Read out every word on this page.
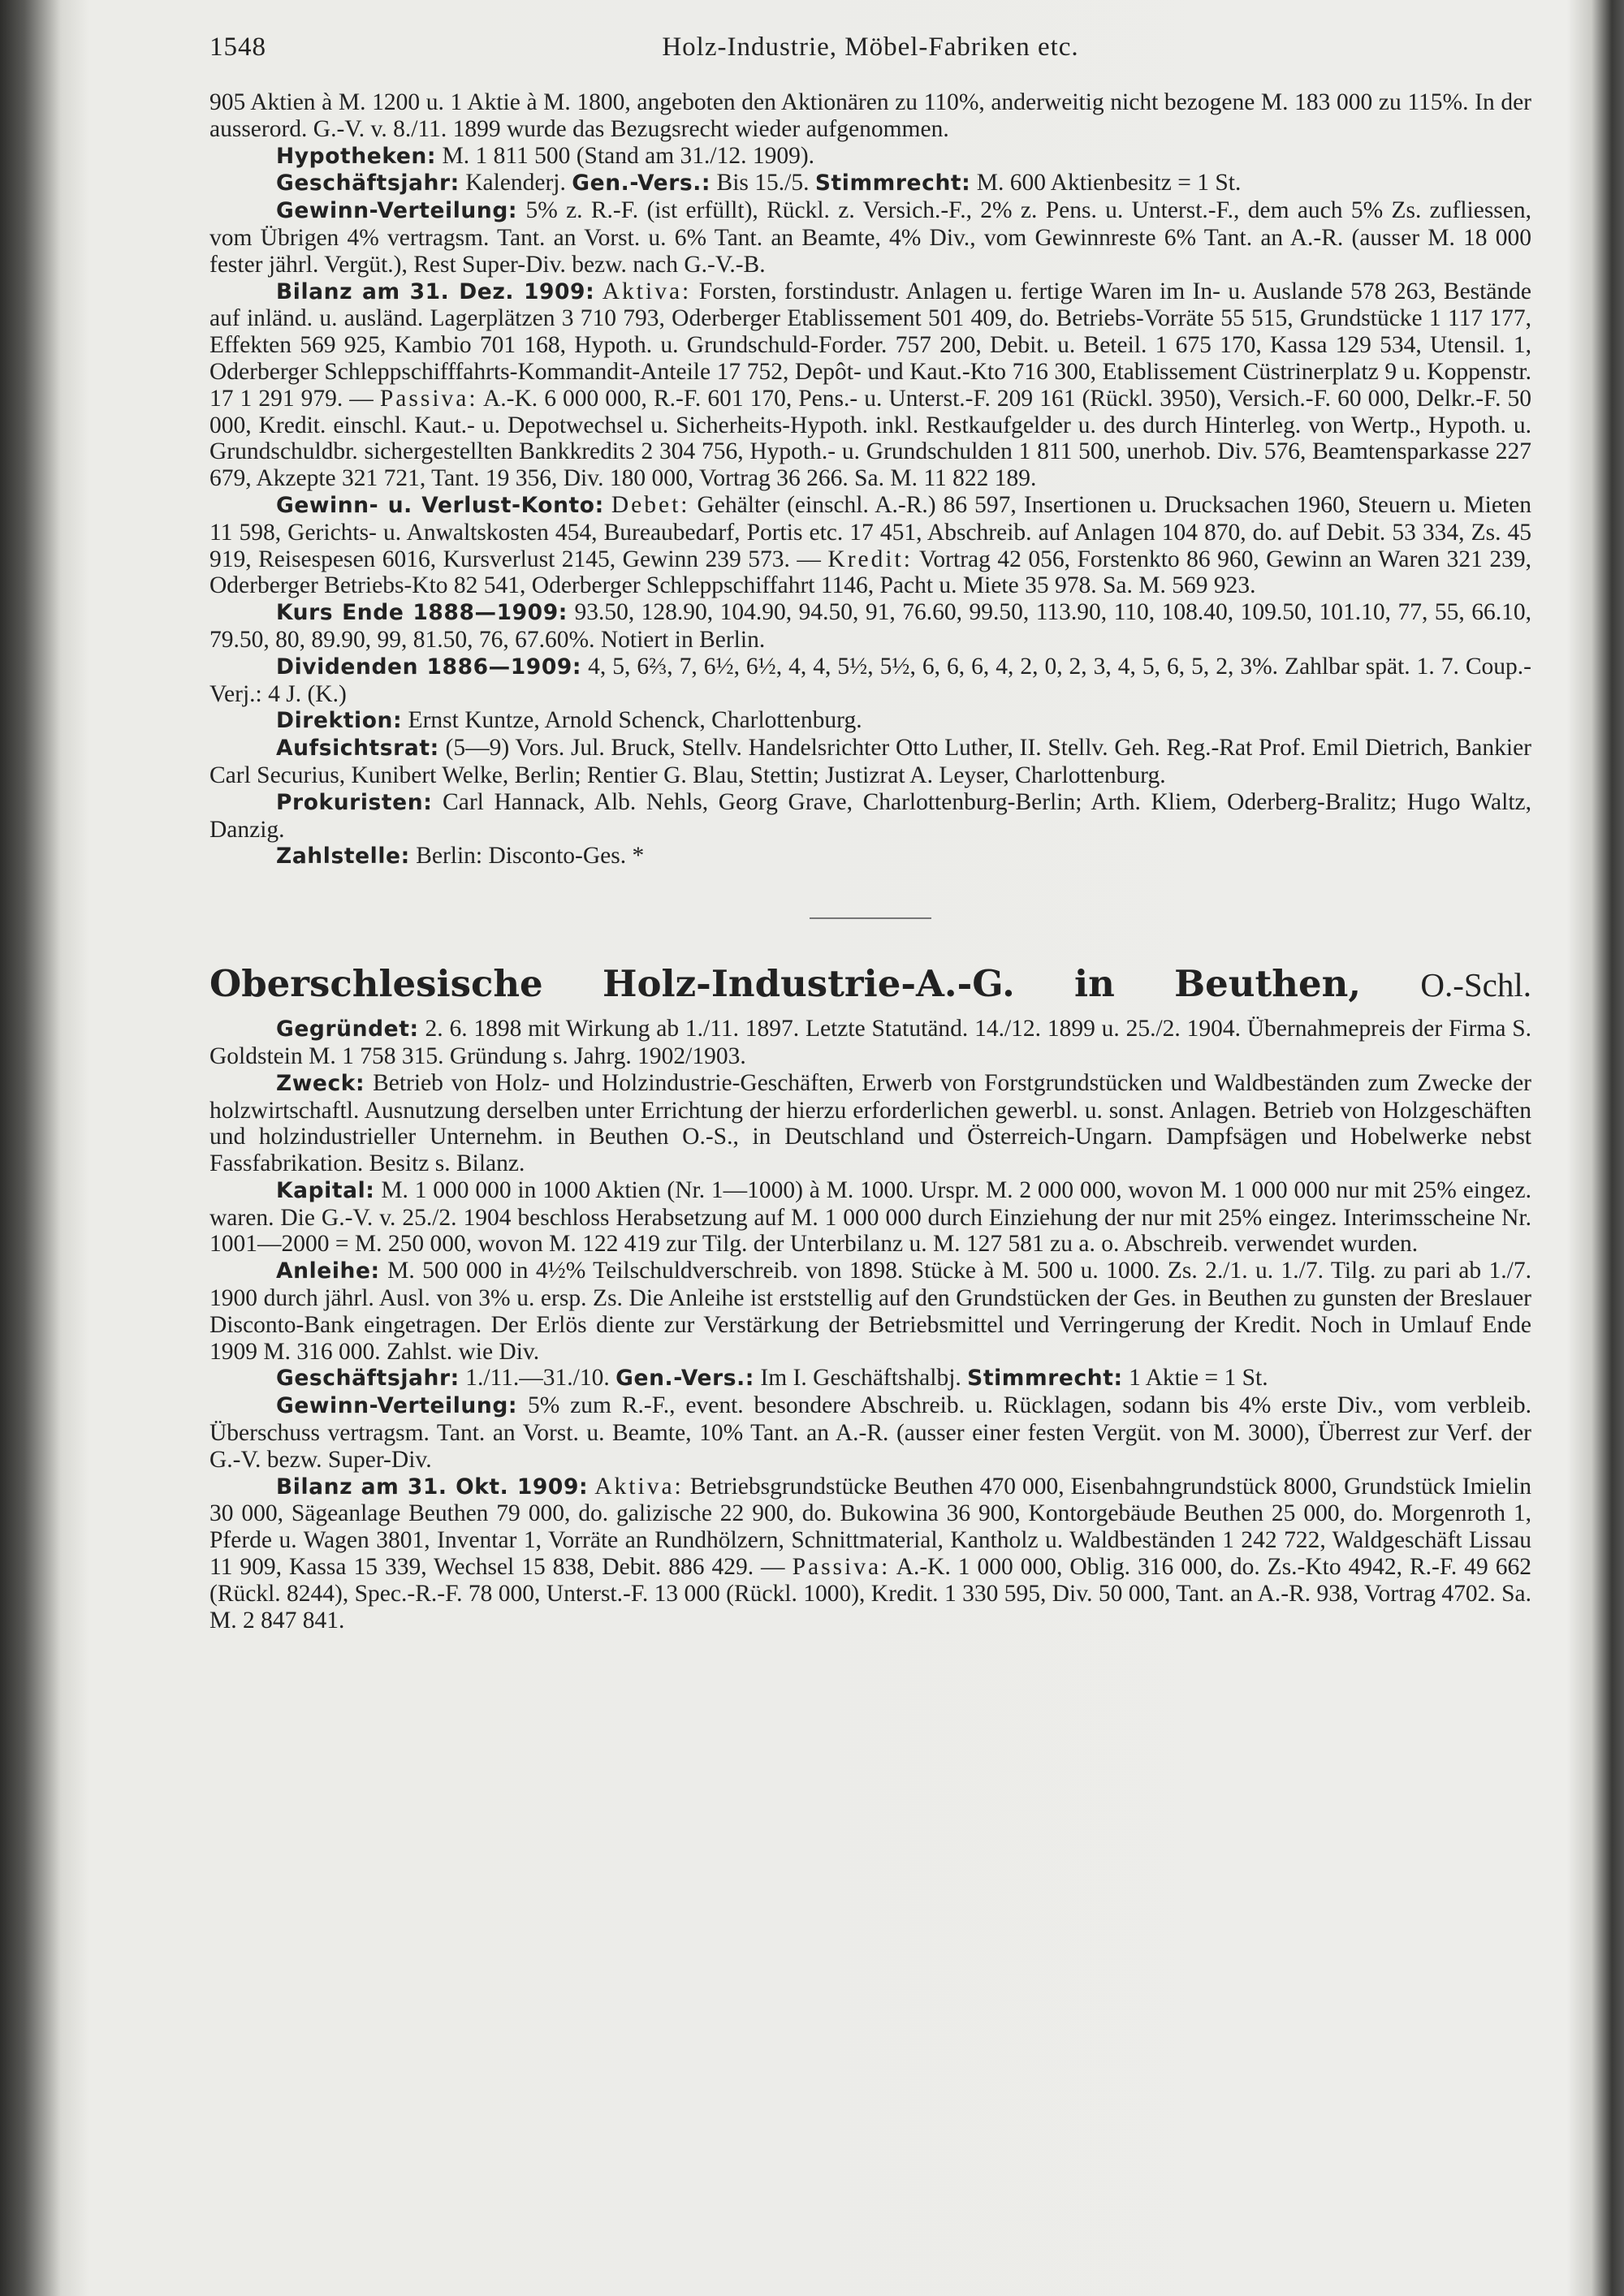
1548	Holz-Industrie, Möbel-Fabriken etc.

905 Aktien à M. 1200 u. 1 Aktie à M. 1800, angeboten den Aktionären zu 110%, anderweitig nicht bezogene M. 183 000 zu 115%. In der ausserord. G.-V. v. 8./11. 1899 wurde das Bezugsrecht wieder aufgenommen.

Hypotheken: M. 1 811 500 (Stand am 31./12. 1909).

Geschäftsjahr: Kalenderj. Gen.-Vers.: Bis 15./5. Stimmrecht: M. 600 Aktienbesitz = 1 St.

Gewinn-Verteilung: 5% z. R.-F. (ist erfüllt), Rückl. z. Versich.-F., 2% z. Pens. u. Unterst.-F., dem auch 5% Zs. zufliessen, vom Übrigen 4% vertragsm. Tant. an Vorst. u. 6% Tant. an Beamte, 4% Div., vom Gewinnreste 6% Tant. an A.-R. (ausser M. 18 000 fester jährl. Vergüt.), Rest Super-Div. bezw. nach G.-V.-B.

Bilanz am 31. Dez. 1909: Aktiva: Forsten, forstindustr. Anlagen u. fertige Waren im In- u. Auslande 578 263, Bestände auf inländ. u. ausländ. Lagerplätzen 3 710 793, Oderberger Etablissement 501 409, do. Betriebs-Vorräte 55 515, Grundstücke 1 117 177, Effekten 569 925, Kambio 701 168, Hypoth. u. Grundschuld-Forder. 757 200, Debit. u. Beteil. 1 675 170, Kassa 129 534, Utensil. 1, Oderberger Schleppschifffahrts-Kommandit-Anteile 17 752, Depôt- und Kaut.-Kto 716 300, Etablissement Cüstrinerplatz 9 u. Koppenstr. 17 1 291 979. — Passiva: A.-K. 6 000 000, R.-F. 601 170, Pens.- u. Unterst.-F. 209 161 (Rückl. 3950), Versich.-F. 60 000, Delkr.-F. 50 000, Kredit. einschl. Kaut.- u. Depotwechsel u. Sicherheits-Hypoth. inkl. Restkaufgelder u. des durch Hinterleg. von Wertp., Hypoth. u. Grundschuldbr. sichergestellten Bankkredits 2 304 756, Hypoth.- u. Grundschulden 1 811 500, unerhob. Div. 576, Beamtensparkasse 227 679, Akzepte 321 721, Tant. 19 356, Div. 180 000, Vortrag 36 266. Sa. M. 11 822 189.

Gewinn- u. Verlust-Konto: Debet: Gehälter (einschl. A.-R.) 86 597, Insertionen u. Drucksachen 1960, Steuern u. Mieten 11 598, Gerichts- u. Anwaltskosten 454, Bureaubedarf, Portis etc. 17 451, Abschreib. auf Anlagen 104 870, do. auf Debit. 53 334, Zs. 45 919, Reisespesen 6016, Kursverlust 2145, Gewinn 239 573. — Kredit: Vortrag 42 056, Forstenkto 86 960, Gewinn an Waren 321 239, Oderberger Betriebs-Kto 82 541, Oderberger Schleppschiffahrt 1146, Pacht u. Miete 35 978. Sa. M. 569 923.

Kurs Ende 1888—1909: 93.50, 128.90, 104.90, 94.50, 91, 76.60, 99.50, 113.90, 110, 108.40, 109.50, 101.10, 77, 55, 66.10, 79.50, 80, 89.90, 99, 81.50, 76, 67.60%. Notiert in Berlin.

Dividenden 1886—1909: 4, 5, 6⅔, 7, 6½, 6½, 4, 4, 5½, 5½, 6, 6, 6, 4, 2, 0, 2, 3, 4, 5, 6, 5, 2, 3%. Zahlbar spät. 1. 7. Coup.-Verj.: 4 J. (K.)

Direktion: Ernst Kuntze, Arnold Schenck, Charlottenburg.

Aufsichtsrat: (5—9) Vors. Jul. Bruck, Stellv. Handelsrichter Otto Luther, II. Stellv. Geh. Reg.-Rat Prof. Emil Dietrich, Bankier Carl Securius, Kunibert Welke, Berlin; Rentier G. Blau, Stettin; Justizrat A. Leyser, Charlottenburg.

Prokuristen: Carl Hannack, Alb. Nehls, Georg Grave, Charlottenburg-Berlin; Arth. Kliem, Oderberg-Bralitz; Hugo Waltz, Danzig.

Zahlstelle: Berlin: Disconto-Ges. *

Oberschlesische Holz-Industrie-A.-G. in Beuthen, O.-Schl.

Gegründet: 2. 6. 1898 mit Wirkung ab 1./11. 1897. Letzte Statutänd. 14./12. 1899 u. 25./2. 1904. Übernahmepreis der Firma S. Goldstein M. 1 758 315. Gründung s. Jahrg. 1902/1903.

Zweck: Betrieb von Holz- und Holzindustrie-Geschäften, Erwerb von Forstgrundstücken und Waldbeständen zum Zwecke der holzwirtschaftl. Ausnutzung derselben unter Errichtung der hierzu erforderlichen gewerbl. u. sonst. Anlagen. Betrieb von Holzgeschäften und holzindustrieller Unternehm. in Beuthen O.-S., in Deutschland und Österreich-Ungarn. Dampfsägen und Hobelwerke nebst Fassfabrikation. Besitz s. Bilanz.

Kapital: M. 1 000 000 in 1000 Aktien (Nr. 1—1000) à M. 1000. Urspr. M. 2 000 000, wovon M. 1 000 000 nur mit 25% eingez. waren. Die G.-V. v. 25./2. 1904 beschloss Herabsetzung auf M. 1 000 000 durch Einziehung der nur mit 25% eingez. Interimsscheine Nr. 1001—2000 = M. 250 000, wovon M. 122 419 zur Tilg. der Unterbilanz u. M. 127 581 zu a. o. Abschreib. verwendet wurden.

Anleihe: M. 500 000 in 4½% Teilschuldverschreib. von 1898. Stücke à M. 500 u. 1000. Zs. 2./1. u. 1./7. Tilg. zu pari ab 1./7. 1900 durch jährl. Ausl. von 3% u. ersp. Zs. Die Anleihe ist erststellig auf den Grundstücken der Ges. in Beuthen zu gunsten der Breslauer Disconto-Bank eingetragen. Der Erlös diente zur Verstärkung der Betriebsmittel und Verringerung der Kredit. Noch in Umlauf Ende 1909 M. 316 000. Zahlst. wie Div.

Geschäftsjahr: 1./11.—31./10. Gen.-Vers.: Im I. Geschäftshalbj. Stimmrecht: 1 Aktie = 1 St.

Gewinn-Verteilung: 5% zum R.-F., event. besondere Abschreib. u. Rücklagen, sodann bis 4% erste Div., vom verbleib. Überschuss vertragsm. Tant. an Vorst. u. Beamte, 10% Tant. an A.-R. (ausser einer festen Vergüt. von M. 3000), Überrest zur Verf. der G.-V. bezw. Super-Div.

Bilanz am 31. Okt. 1909: Aktiva: Betriebsgrundstücke Beuthen 470 000, Eisenbahngrundstück 8000, Grundstück Imielin 30 000, Sägeanlage Beuthen 79 000, do. galizische 22 900, do. Bukowina 36 900, Kontorgebäude Beuthen 25 000, do. Morgenroth 1, Pferde u. Wagen 3801, Inventar 1, Vorräte an Rundhölzern, Schnittmaterial, Kantholz u. Waldbeständen 1 242 722, Waldgeschäft Lissau 11 909, Kassa 15 339, Wechsel 15 838, Debit. 886 429. — Passiva: A.-K. 1 000 000, Oblig. 316 000, do. Zs.-Kto 4942, R.-F. 49 662 (Rückl. 8244), Spec.-R.-F. 78 000, Unterst.-F. 13 000 (Rückl. 1000), Kredit. 1 330 595, Div. 50 000, Tant. an A.-R. 938, Vortrag 4702. Sa. M. 2 847 841.
